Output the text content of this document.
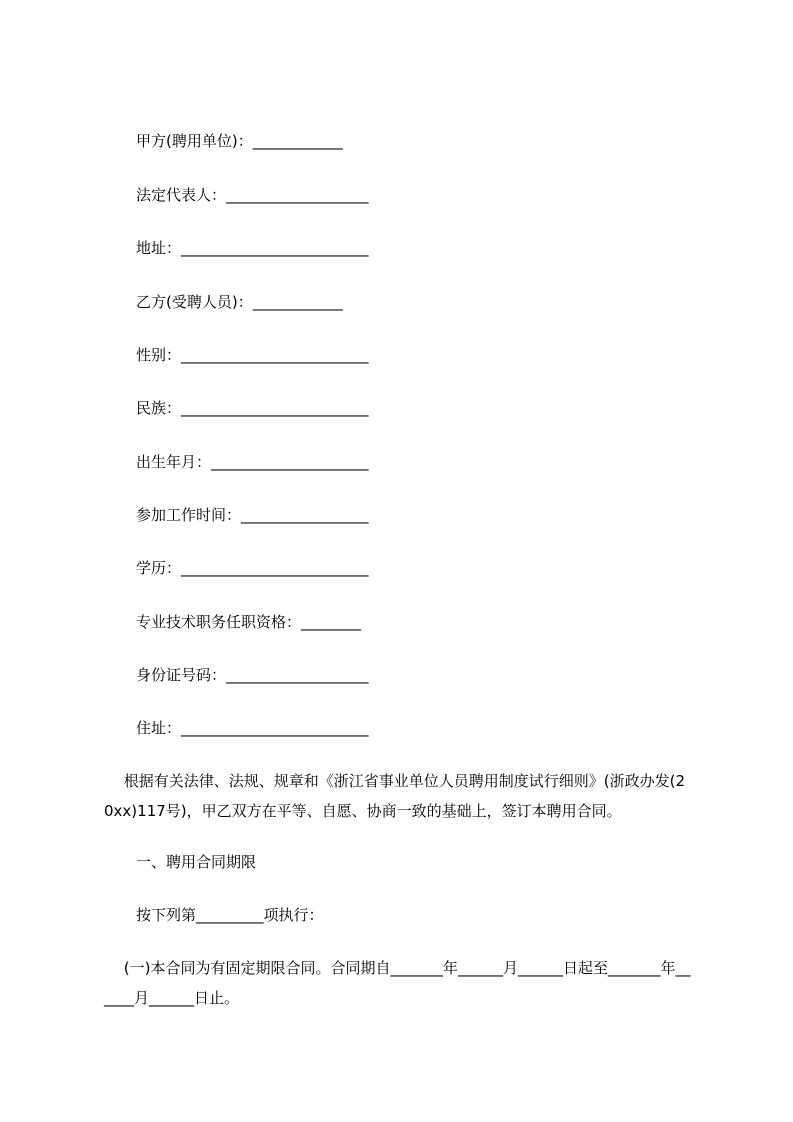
甲方(聘用单位)：____________

法定代表人：___________________

地址：_________________________

乙方(受聘人员)：____________

性别：_________________________

民族：_________________________

出生年月：_____________________

参加工作时间：_________________

学历：_________________________

专业技术职务任职资格：________

身份证号码：___________________

住址：_________________________

　 根据有关法律、法规、规章和《浙江省事业单位人员聘用制度试行细则》(浙政办发(20xx)117号)，甲乙双方在平等、自愿、协商一致的基础上，签订本聘用合同。

一、聘用合同期限

按下列第_________项执行：

　 (一)本合同为有固定期限合同。合同期自_______年______月______日起至_______年______月______日止。
